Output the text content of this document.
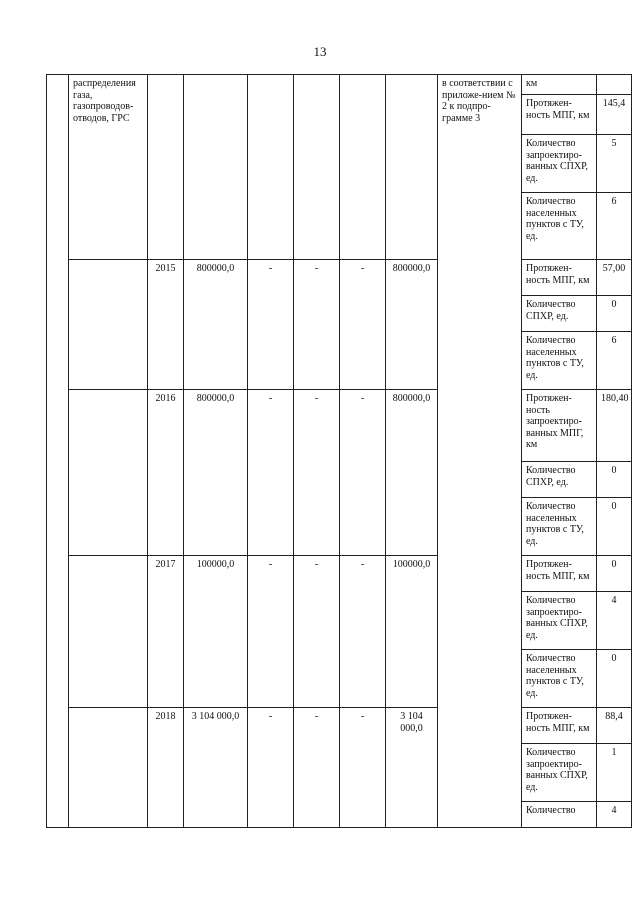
13
	распределения газа, газопроводов-отводов, ГРС							в соответствии с приложе-нием № 2 к подпро-грамме 3	км	
									Протяжен-ность МПГ, км	145,4
									Количество запроектиро-ванных СПХР, ед.	5
									Количество населенных пунктов с ТУ, ед.	6
		2015	800000,0	-	-	-	800000,0		Протяжен-ность МПГ, км	57,00
									Количество СПХР, ед.	0
									Количество населенных пунктов с ТУ, ед.	6
		2016	800000,0	-	-	-	800000,0		Протяжен-ность запроектиро-ванных МПГ, км	180,40
									Количество СПХР, ед.	0
									Количество населенных пунктов с ТУ, ед.	0
		2017	100000,0	-	-	-	100000,0		Протяжен-ность МПГ, км	0
									Количество запроектиро-ванных СПХР, ед.	4
									Количество населенных пунктов с ТУ, ед.	0
		2018	3 104 000,0	-	-	-	3 104 000,0		Протяжен-ность МПГ, км	88,4
									Количество запроектиро-ванных СПХР, ед.	1
									Количество	4
